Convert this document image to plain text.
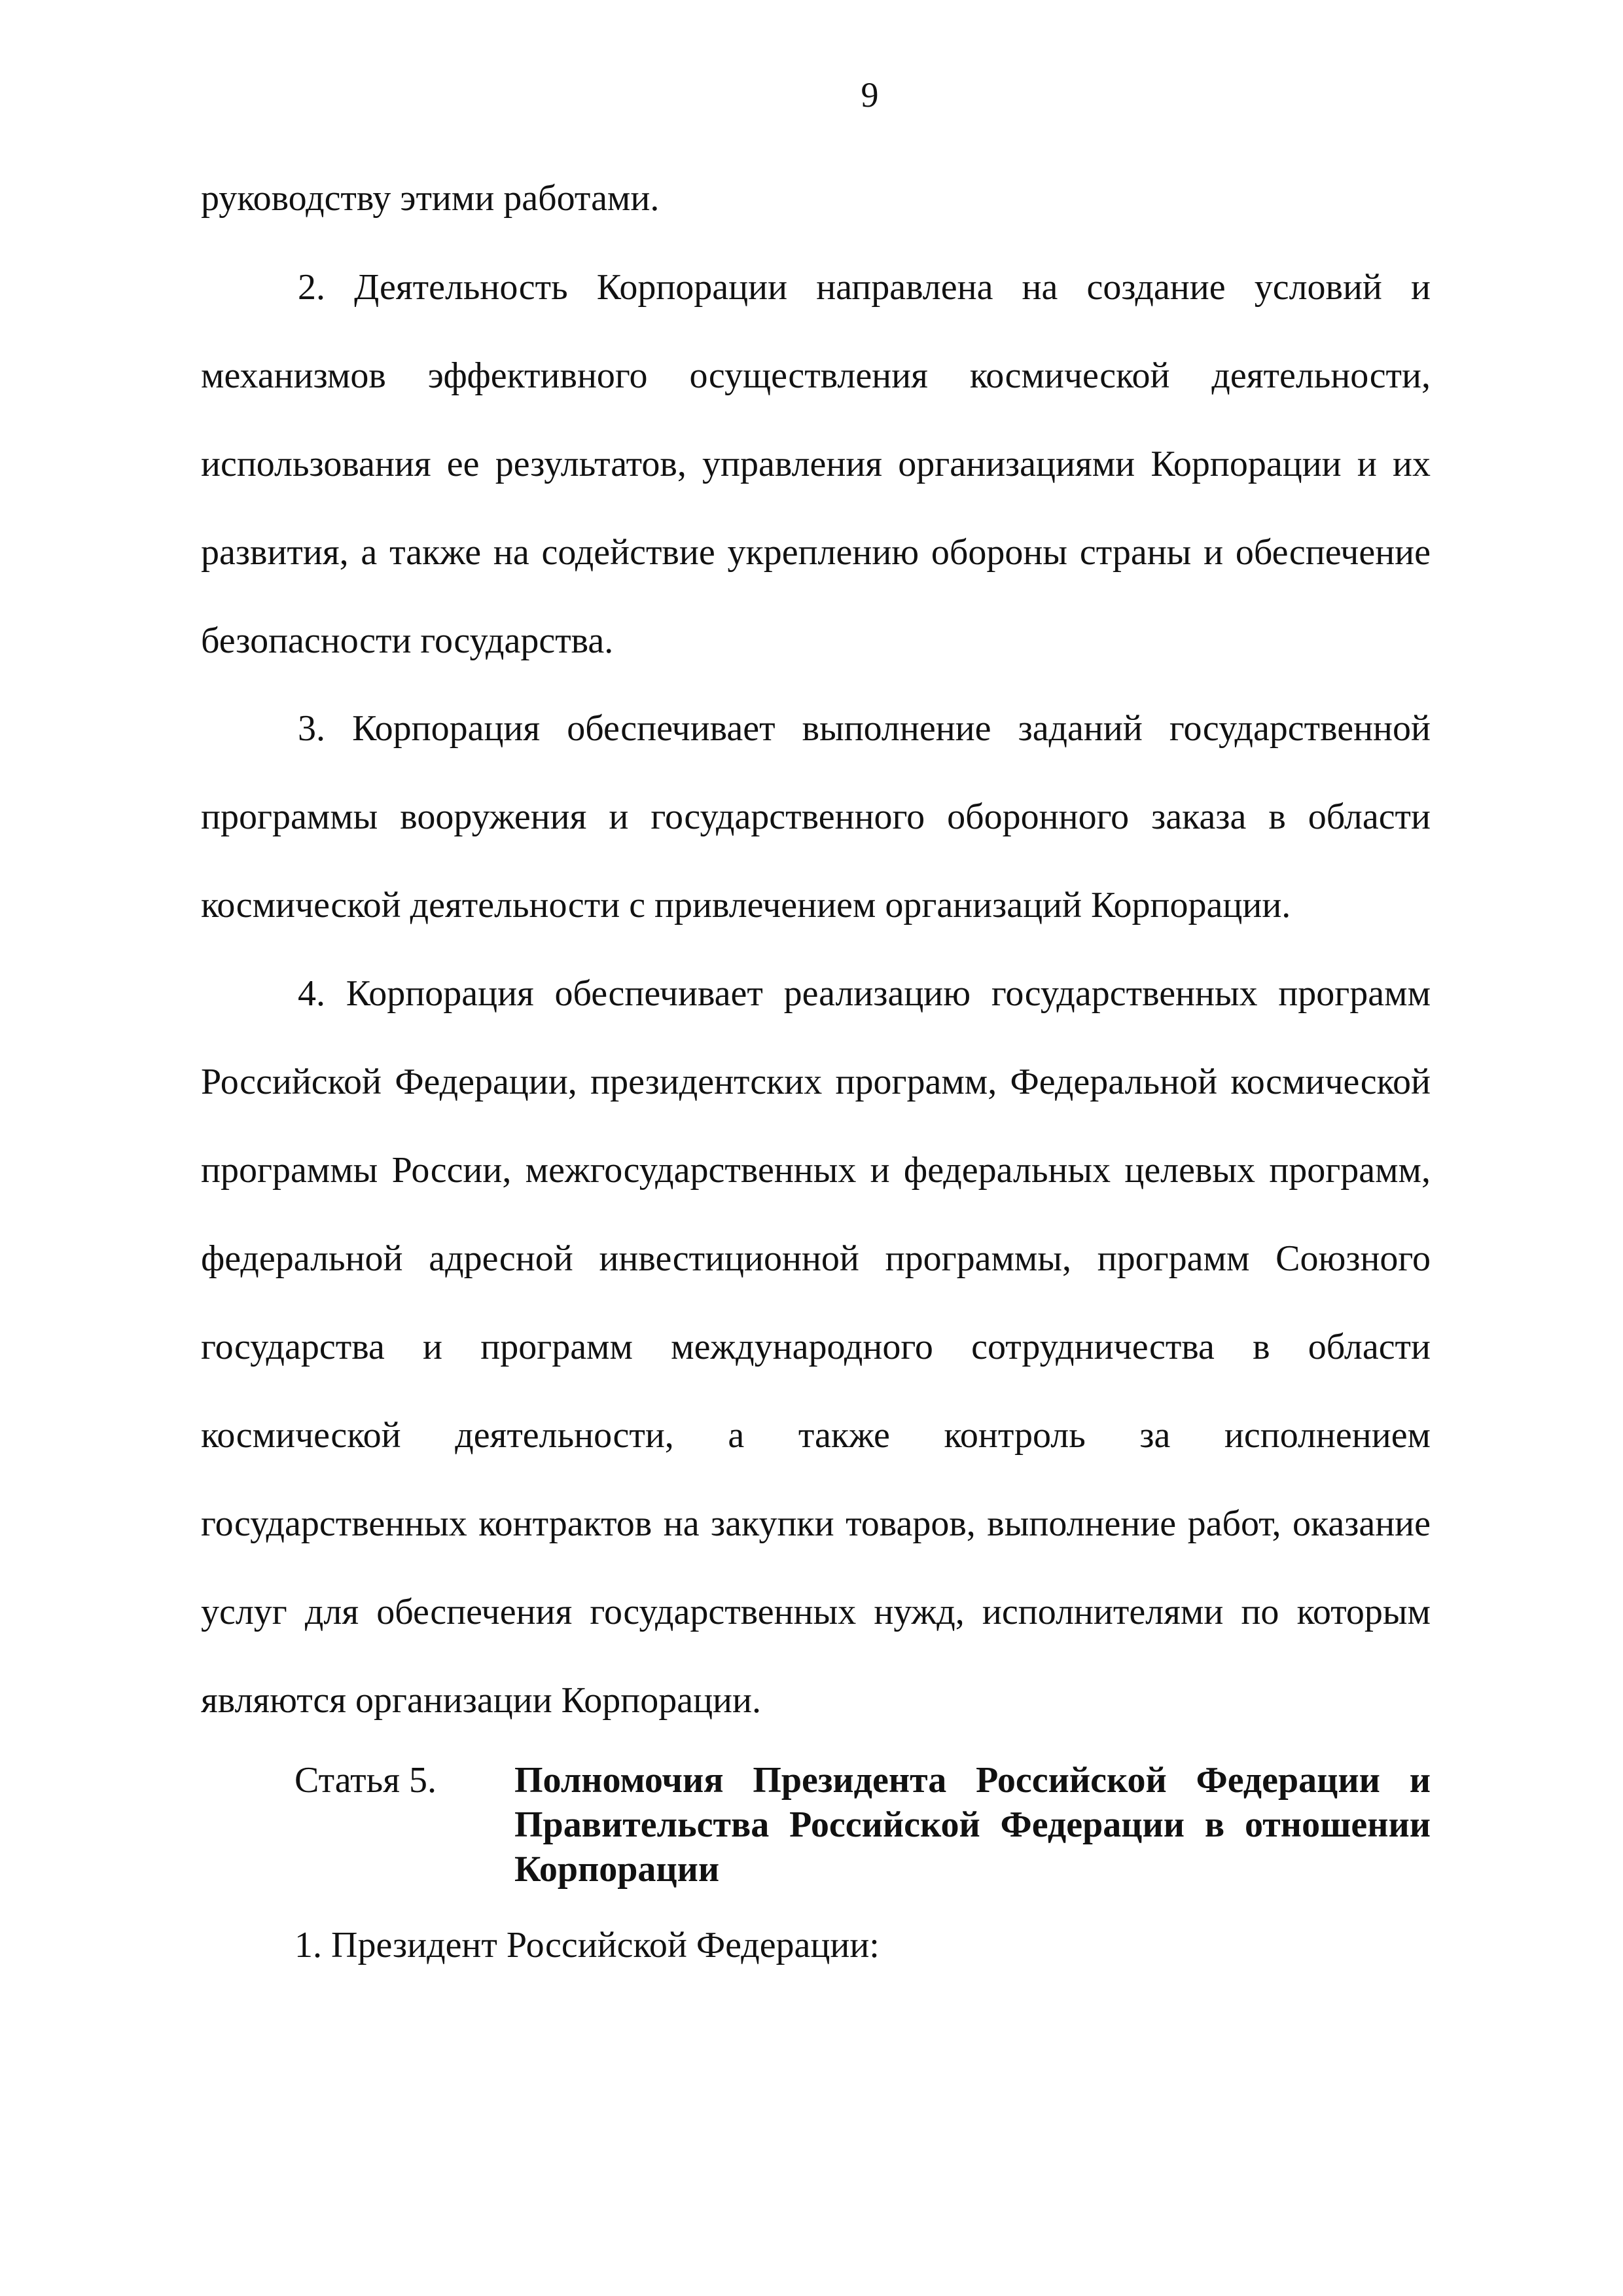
9

руководству этими работами.

2. Деятельность Корпорации направлена на создание условий и механизмов эффективного осуществления космической деятельности, использования ее результатов, управления организациями Корпорации и их развития, а также на содействие укреплению обороны страны и обеспечение безопасности государства.

3. Корпорация обеспечивает выполнение заданий государственной программы вооружения и государственного оборонного заказа в области космической деятельности с привлечением организаций Корпорации.

4. Корпорация обеспечивает реализацию государственных программ Российской Федерации, президентских программ, Федеральной космической программы России, межгосударственных и федеральных целевых программ, федеральной адресной инвестиционной программы, программ Союзного государства и программ международного сотрудничества в области космической деятельности, а также контроль за исполнением государственных контрактов на закупки товаров, выполнение работ, оказание услуг для обеспечения государственных нужд, исполнителями по которым являются организации Корпорации.

Статья 5.	Полномочия Президента Российской Федерации и Правительства Российской Федерации в отношении Корпорации
1. Президент Российской Федерации:
